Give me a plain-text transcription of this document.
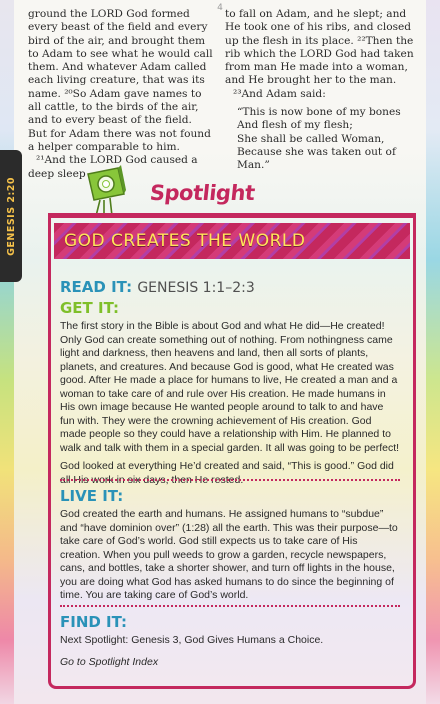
4

ground the LORD God formed every beast of the field and every bird of the air, and brought them to Adam to see what he would call them. And whatever Adam called each living creature, that was its name. ²⁰So Adam gave names to all cattle, to the birds of the air, and to every beast of the field. But for Adam there was not found a helper comparable to him.

²¹And the LORD God caused a deep sleep

to fall on Adam, and he slept; and He took one of his ribs, and closed up the flesh in its place. ²²Then the rib which the LORD God had taken from man He made into a woman, and He brought her to the man.

²³And Adam said:

“This is now bone of my bones
And flesh of my flesh;
She shall be called Woman,
Because she was taken out of Man.”
GENESIS 2:20	Spotlight
GOD CREATES THE WORLD
READ IT: GENESIS 1:1–2:3
GET IT:

The first story in the Bible is about God and what He did—He created! Only God can create something out of nothing. From nothingness came light and darkness, then heavens and land, then all sorts of plants, planets, and creatures. And because God is good, what He created was good. After He made a place for humans to live, He created a man and a woman to take care of and rule over His creation. He made humans in His own image because He wanted people around to talk to and have fun with. They were the crowning achievement of His creation. God made people so they could have a relationship with Him. He planned to walk and talk with them in a special garden. It all was going to be perfect!

God looked at everything He’d created and said, “This is good.” God did all His work in six days, then He rested.

LIVE IT:

God created the earth and humans. He assigned humans to “subdue” and “have dominion over” (1:28) all the earth. This was their purpose—to take care of God’s world. God still expects us to take care of His creation. When you pull weeds to grow a garden, recycle newspapers, cans, and bottles, take a shorter shower, and turn off lights in the house, you are doing what God has asked humans to do since the beginning of time. You are taking care of God’s world.

FIND IT:

Next Spotlight: Genesis 3, God Gives Humans a Choice.

Go to Spotlight Index
